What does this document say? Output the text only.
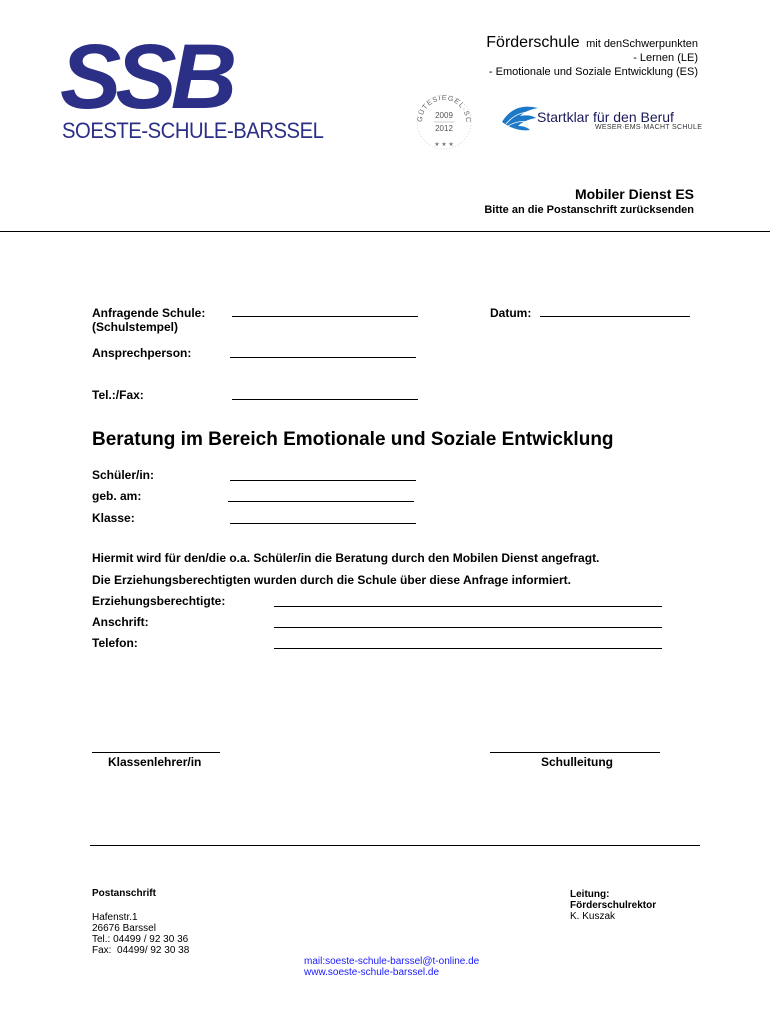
SSB
SOESTE-SCHULE-BARSSEL
Förderschule mit denSchwerpunkten
- Lernen (LE)
- Emotionale und Soziale Entwicklung (ES)
GÜTESIEGEL·SC
2009
2012
★ ★ ★
Startklar für den Beruf
WESER·EMS·MACHT SCHULE
Mobiler Dienst ES
Bitte an die Postanschrift zurücksenden
Anfragende Schule:
(Schulstempel)
Datum:
Ansprechperson:
Tel.:/Fax:
Beratung im Bereich Emotionale und Soziale Entwicklung
Schüler/in:
geb. am:
Klasse:
Hiermit wird für den/die o.a. Schüler/in die Beratung durch den Mobilen Dienst angefragt.
Die Erziehungsberechtigten wurden durch die Schule über diese Anfrage informiert.
Erziehungsberechtigte:
Anschrift:
Telefon:
Klassenlehrer/in	Schulleitung
Postanschrift
Hafenstr.1
26676 Barssel
Tel.: 04499 / 92 30 36
Fax:  04499/ 92 30 38
mail:soeste-schule-barssel@t-online.de
www.soeste-schule-barssel.de
Leitung:
Förderschulrektor
K. Kuszak
